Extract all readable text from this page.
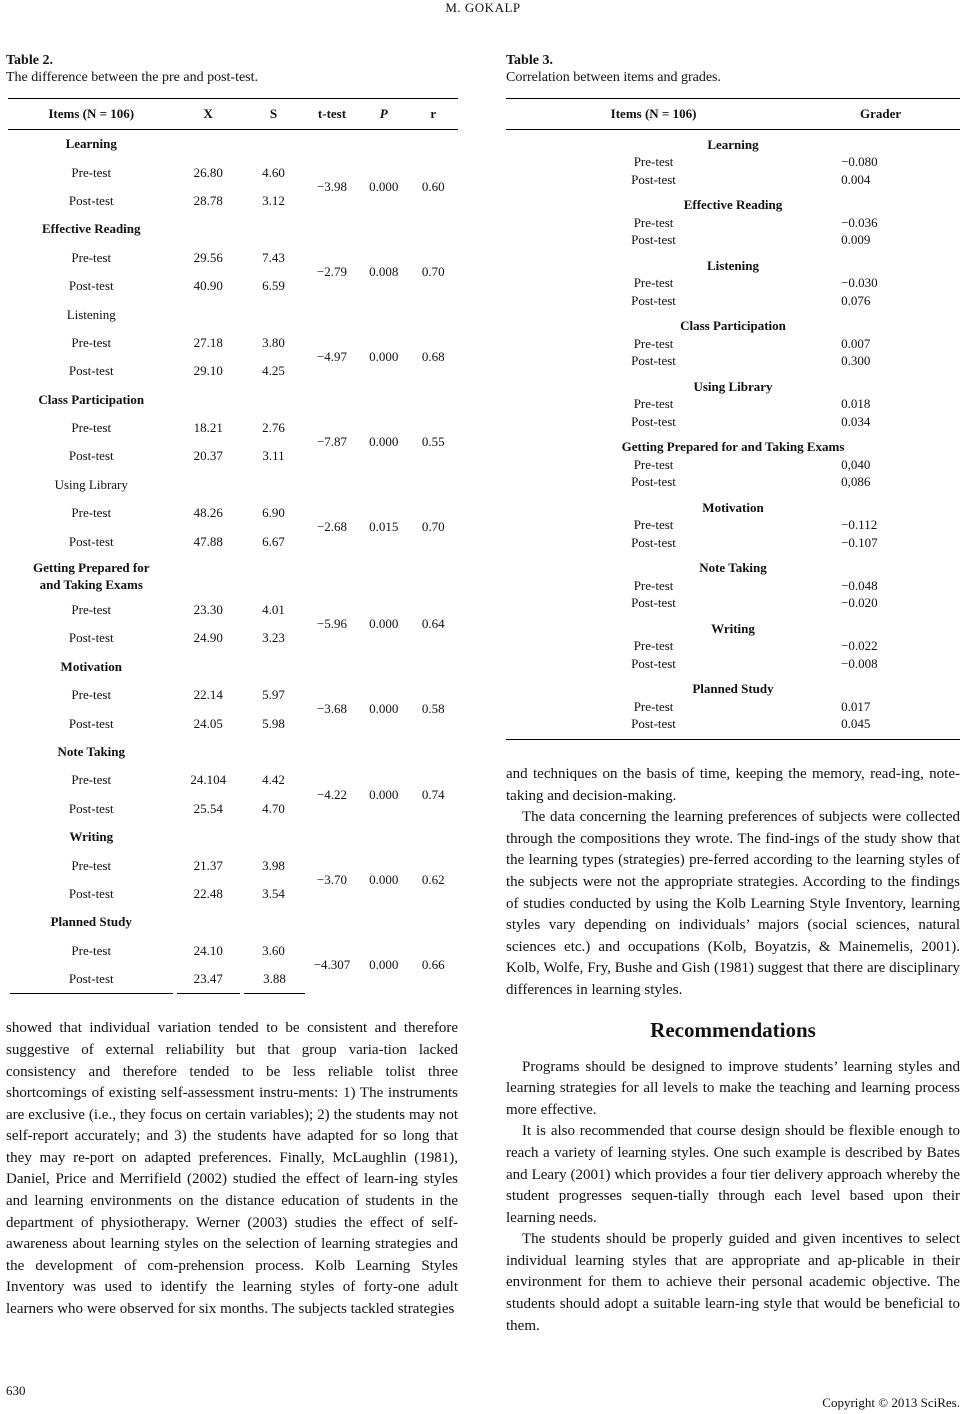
M. GOKALP
Table 2.
The difference between the pre and post-test.
Items (N = 106)	X	S	t-test	P	r
Learning					
Pre-test	26.80	4.60	−3.98	0.000	0.60
Post-test	28.78	3.12			
Effective Reading					
Pre-test	29.56	7.43	−2.79	0.008	0.70
Post-test	40.90	6.59			
Listening					
Pre-test	27.18	3.80	−4.97	0.000	0.68
Post-test	29.10	4.25			
Class Participation					
Pre-test	18.21	2.76	−7.87	0.000	0.55
Post-test	20.37	3.11			
Using Library					
Pre-test	48.26	6.90	−2.68	0.015	0.70
Post-test	47.88	6.67			
Getting Prepared for
and Taking Exams					
Pre-test	23.30	4.01	−5.96	0.000	0.64
Post-test	24.90	3.23			
Motivation					
Pre-test	22.14	5.97	−3.68	0.000	0.58
Post-test	24.05	5.98			
Note Taking					
Pre-test	24.104	4.42	−4.22	0.000	0.74
Post-test	25.54	4.70			
Writing					
Pre-test	21.37	3.98	−3.70	0.000	0.62
Post-test	22.48	3.54			
Planned Study					
Pre-test	24.10	3.60	−4.307	0.000	0.66
Post-test	23.47	3.88			

showed that individual variation tended to be consistent and therefore suggestive of external reliability but that group varia-tion lacked consistency and therefore tended to be less reliable tolist three shortcomings of existing self-assessment instru-ments: 1) The instruments are exclusive (i.e., they focus on certain variables); 2) the students may not self-report accurately; and 3) the students have adapted for so long that they may re-port on adapted preferences. Finally, McLaughlin (1981), Daniel, Price and Merrifield (2002) studied the effect of learn-ing styles and learning environments on the distance education of students in the department of physiotherapy. Werner (2003) studies the effect of self-awareness about learning styles on the selection of learning strategies and the development of com-prehension process. Kolb Learning Styles Inventory was used to identify the learning styles of forty-one adult learners who were observed for six months. The subjects tackled strategies

Table 3.
Correlation between items and grades.
Items (N = 106)	Grader
Learning	
Pre-test	−0.080
Post-test	0.004
Effective Reading	
Pre-test	−0.036
Post-test	0.009
Listening	
Pre-test	−0.030
Post-test	0.076
Class Participation	
Pre-test	0.007
Post-test	0.300
Using Library	
Pre-test	0.018
Post-test	0.034
Getting Prepared for and Taking Exams	
Pre-test	0,040
Post-test	0,086
Motivation	
Pre-test	−0.112
Post-test	−0.107
Note Taking	
Pre-test	−0.048
Post-test	−0.020
Writing	
Pre-test	−0.022
Post-test	−0.008
Planned Study	
Pre-test	0.017
Post-test	0.045

and techniques on the basis of time, keeping the memory, read-ing, note-taking and decision-making.

The data concerning the learning preferences of subjects were collected through the compositions they wrote. The find-ings of the study show that the learning types (strategies) pre-ferred according to the learning styles of the subjects were not the appropriate strategies. According to the findings of studies conducted by using the Kolb Learning Style Inventory, learning styles vary depending on individuals’ majors (social sciences, natural sciences etc.) and occupations (Kolb, Boyatzis, & Mainemelis, 2001). Kolb, Wolfe, Fry, Bushe and Gish (1981) suggest that there are disciplinary differences in learning styles.

Recommendations

Programs should be designed to improve students’ learning styles and learning strategies for all levels to make the teaching and learning process more effective.

It is also recommended that course design should be flexible enough to reach a variety of learning styles. One such example is described by Bates and Leary (2001) which provides a four tier delivery approach whereby the student progresses sequen-tially through each level based upon their learning needs.

The students should be properly guided and given incentives to select individual learning styles that are appropriate and ap-plicable in their environment for them to achieve their personal academic objective. The students should adopt a suitable learn-ing style that would be beneficial to them.

630
Copyright © 2013 SciRes.
